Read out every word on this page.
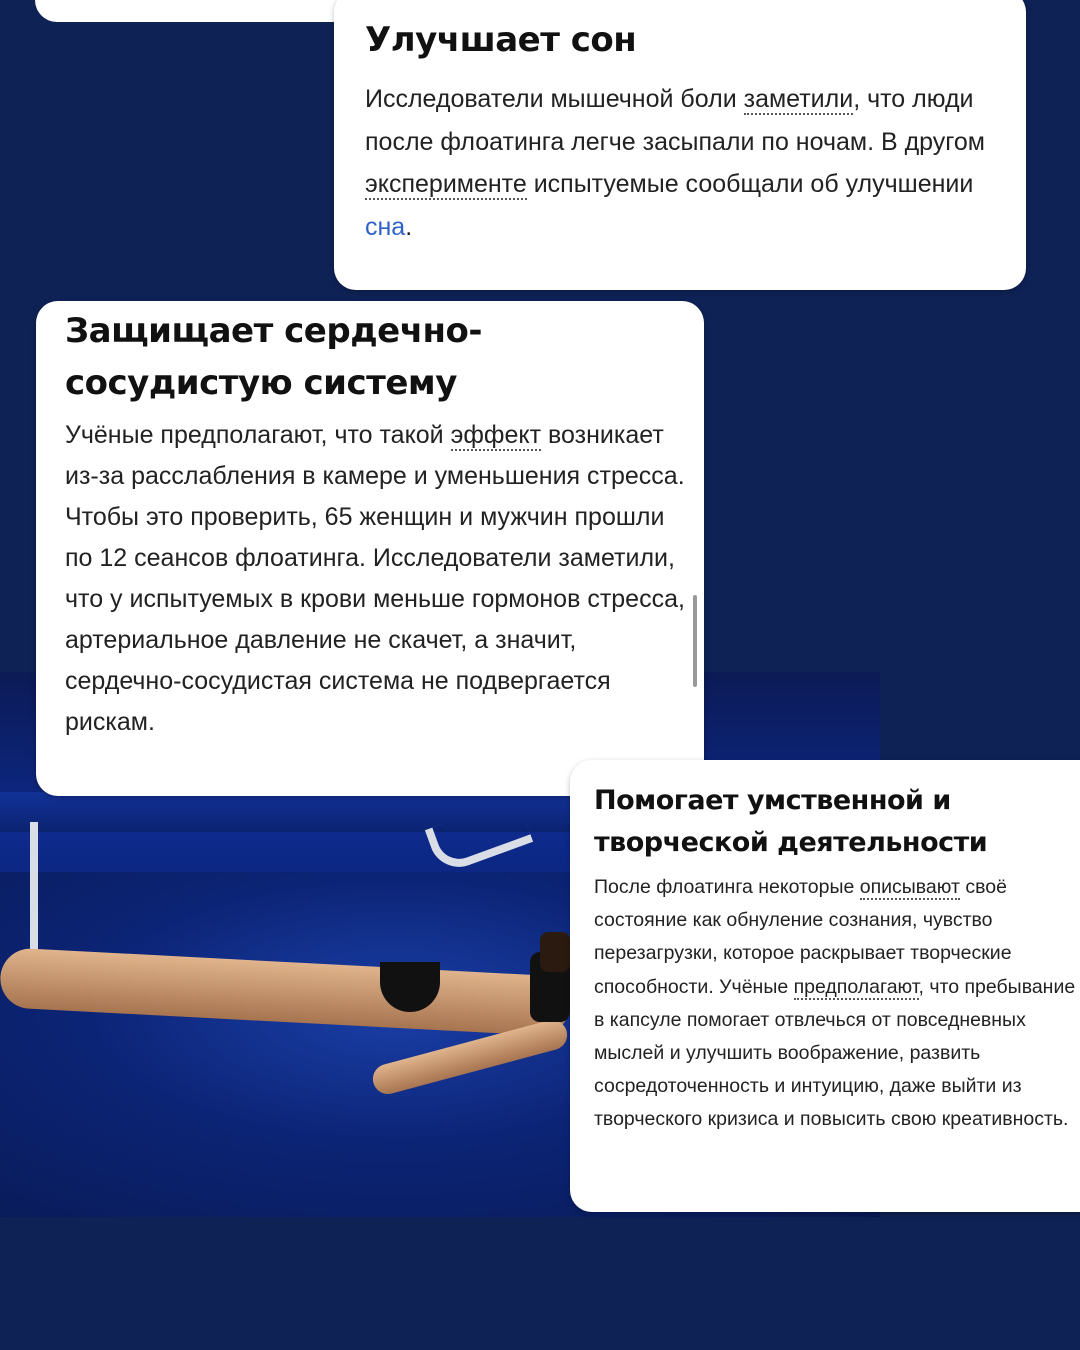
Улучшает сон

Исследователи мышечной боли заметили, что люди после флоатинга легче засыпали по ночам. В другом эксперименте испытуемые сообщали об улучшении сна.

Защищает сердечно-сосудистую систему

Учёные предполагают, что такой эффект возникает из-за расслабления в камере и уменьшения стресса. Чтобы это проверить, 65 женщин и мужчин прошли по 12 сеансов флоатинга. Исследователи заметили, что у испытуемых в крови меньше гормонов стресса, артериальное давление не скачет, а значит, сердечно-сосудистая система не подвергается рискам.

Помогает умственной и творческой деятельности

После флоатинга некоторые описывают своё состояние как обнуление сознания, чувство перезагрузки, которое раскрывает творческие способности. Учёные предполагают, что пребывание в капсуле помогает отвлечься от повседневных мыслей и улучшить воображение, развить сосредоточенность и интуицию, даже выйти из творческого кризиса и повысить свою креативность.
